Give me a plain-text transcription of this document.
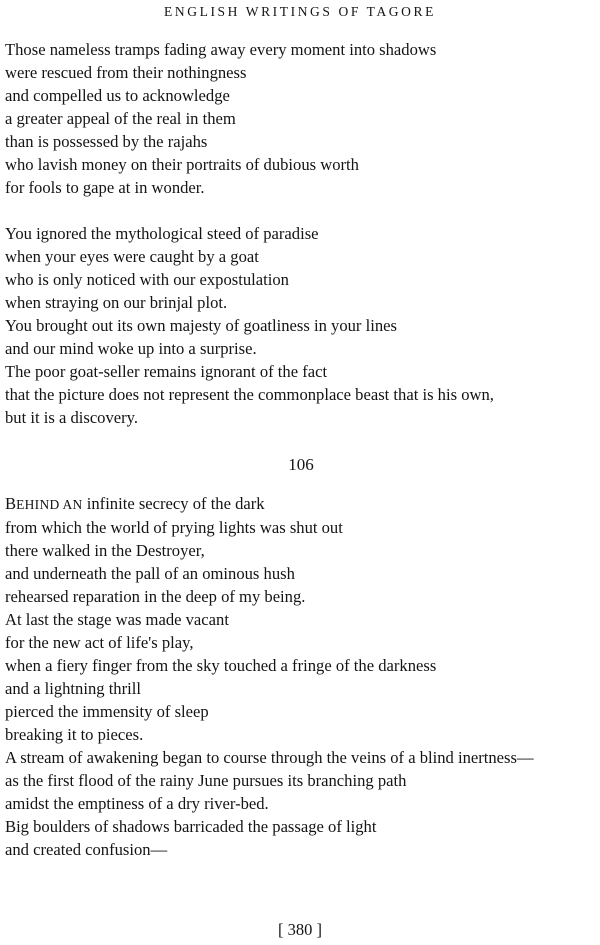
ENGLISH WRITINGS OF TAGORE
Those nameless tramps fading away every moment into shadows
were rescued from their nothingness
and compelled us to acknowledge
a greater appeal of the real in them
than is possessed by the rajahs
who lavish money on their portraits of dubious worth
for fools to gape at in wonder.
You ignored the mythological steed of paradise
when your eyes were caught by a goat
who is only noticed with our expostulation
when straying on our brinjal plot.
You brought out its own majesty of goatliness in your lines
and our mind woke up into a surprise.
The poor goat-seller remains ignorant of the fact
that the picture does not represent the commonplace beast that is his own,
but it is a discovery.
106
BEHIND AN infinite secrecy of the dark
from which the world of prying lights was shut out
there walked in the Destroyer,
and underneath the pall of an ominous hush
rehearsed reparation in the deep of my being.
At last the stage was made vacant
for the new act of life's play,
when a fiery finger from the sky touched a fringe of the darkness
and a lightning thrill
pierced the immensity of sleep
breaking it to pieces.
A stream of awakening began to course through the veins of a blind inertness—
as the first flood of the rainy June pursues its branching path
amidst the emptiness of a dry river-bed.
Big boulders of shadows barricaded the passage of light
and created confusion—
[ 380 ]
